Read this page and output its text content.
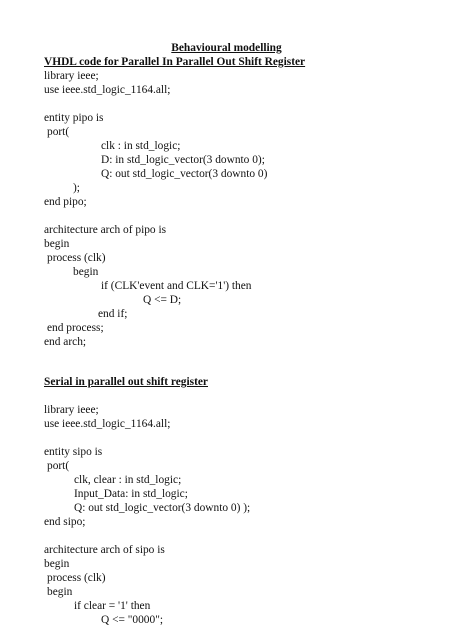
Behavioural modelling
VHDL code for Parallel In Parallel Out Shift Register
library ieee;
use ieee.std_logic_1164.all;
entity pipo is
port(
clk : in std_logic;
D: in std_logic_vector(3 downto 0);
Q: out std_logic_vector(3 downto 0)
);
end pipo;
architecture arch of pipo is
begin
process (clk)
begin
if (CLK'event and CLK='1') then
Q <= D;
end if;
end process;
end arch;
Serial in parallel out shift register
library ieee;
use ieee.std_logic_1164.all;
entity sipo is
port(
clk, clear : in std_logic;
Input_Data: in std_logic;
Q: out std_logic_vector(3 downto 0) );
end sipo;
architecture arch of sipo is
begin
process (clk)
begin
if clear = '1' then
Q <= "0000";
